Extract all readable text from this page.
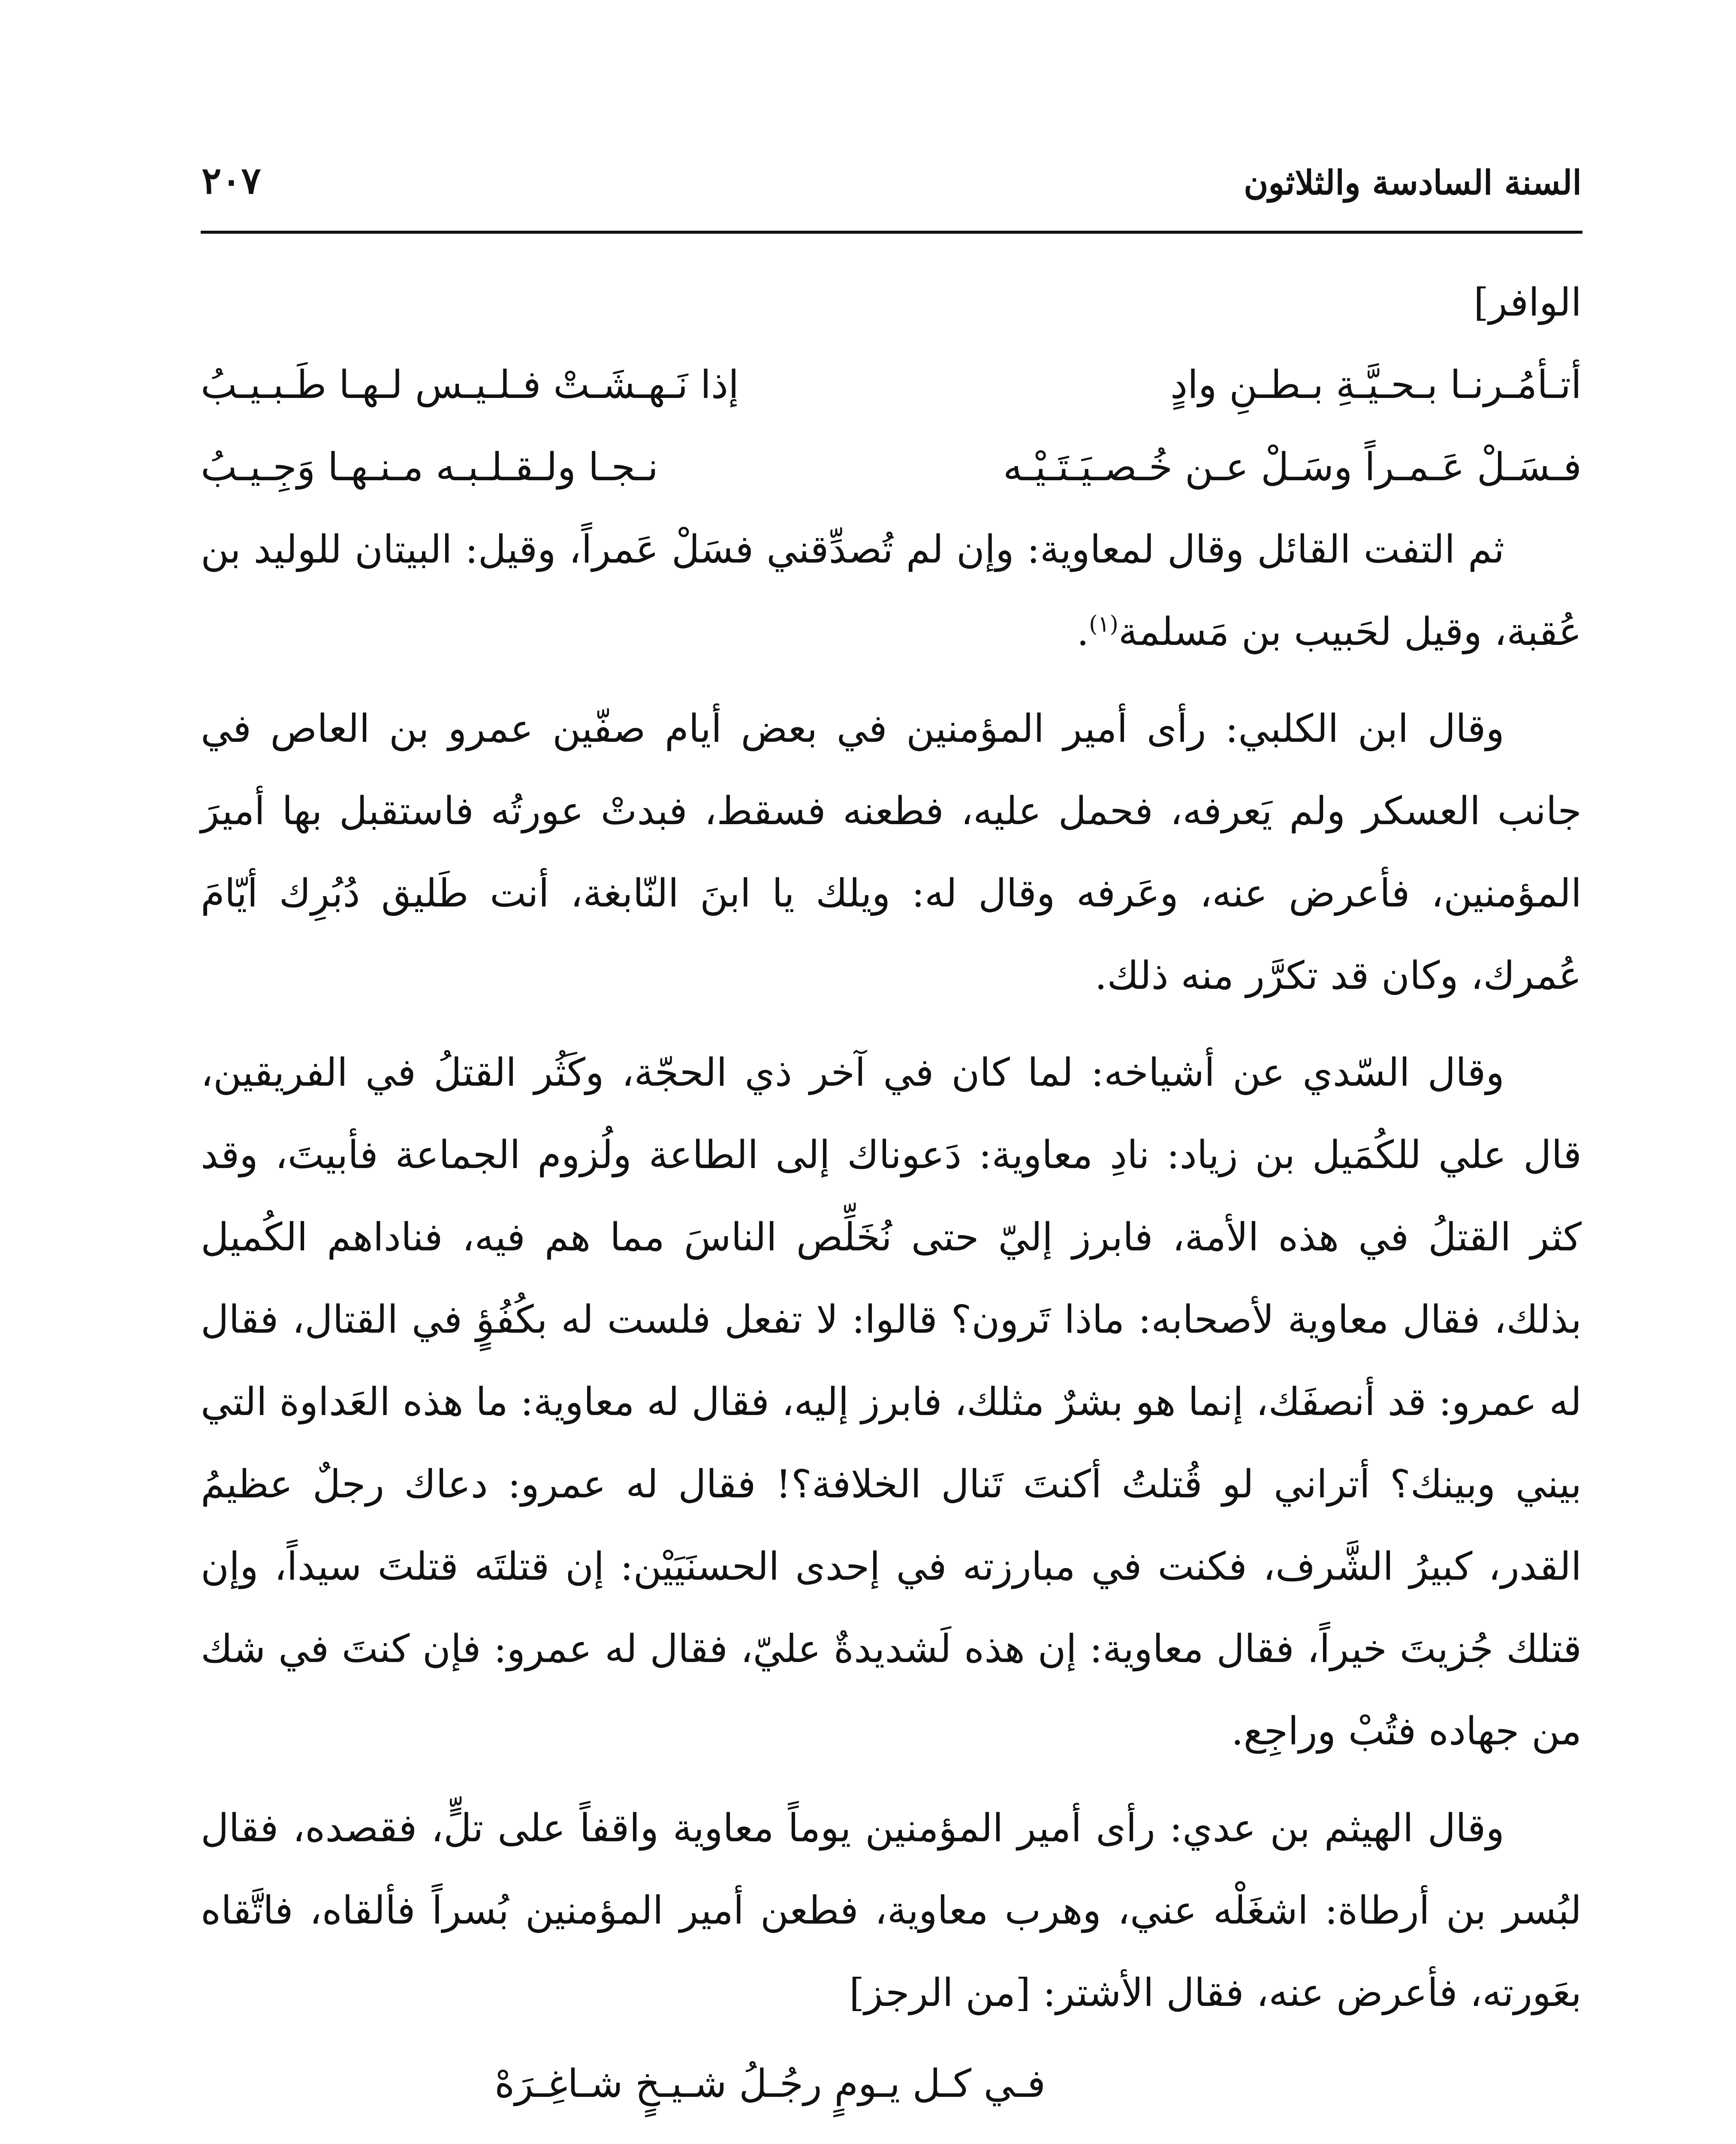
السنة السادسة والثلاثون
٢٠٧
الوافر]
أتـأمُـرنـا بـحـيَّـةِ بـطـنِ وادٍ
إذا نَـهـشَـتْ فـلـيـس لـهـا طَـبـيـبُ
فـسَـلْ عَـمـراً وسَـلْ عـن خُـصـيَـتَـيْـه
نـجـا ولـقـلـبـه مـنـهـا وَجِـيـبُ

ثم التفت القائل وقال لمعاوية: وإن لم تُصدِّقني فسَلْ عَمراً، وقيل: البيتان للوليد بن عُقبة، وقيل لحَبيب بن مَسلمة$^{(١)}$.

وقال ابن الكلبي: رأى أمير المؤمنين في بعض أيام صفّين عمرو بن العاص في جانب العسكر ولم يَعرفه، فحمل عليه، فطعنه فسقط، فبدتْ عورتُه فاستقبل بها أميرَ المؤمنين، فأعرض عنه، وعَرفه وقال له: ويلك يا ابنَ النّابغة، أنت طَليق دُبُرِك أيّامَ عُمرك، وكان قد تكرَّر منه ذلك.

وقال السّدي عن أشياخه: لما كان في آخر ذي الحجّة، وكَثُر القتلُ في الفريقين، قال علي للكُمَيل بن زياد: نادِ معاوية: دَعوناك إلى الطاعة ولُزوم الجماعة فأبيتَ، وقد كثر القتلُ في هذه الأمة، فابرز إليّ حتى نُخَلِّص الناسَ مما هم فيه، فناداهم الكُميل بذلك، فقال معاوية لأصحابه: ماذا تَرون؟ قالوا: لا تفعل فلست له بكُفُؤٍ في القتال، فقال له عمرو: قد أنصفَك، إنما هو بشرٌ مثلك، فابرز إليه، فقال له معاوية: ما هذه العَداوة التي بيني وبينك؟ أتراني لو قُتلتُ أكنتَ تَنال الخلافة؟! فقال له عمرو: دعاك رجلٌ عظيمُ القدر، كبيرُ الشَّرف، فكنت في مبارزته في إحدى الحسنَيَيْن: إن قتلتَه قتلتَ سيداً، وإن قتلك جُزيتَ خيراً، فقال معاوية: إن هذه لَشديدةٌ عليّ، فقال له عمرو: فإن كنتَ في شك من جهاده فتُبْ وراجِع.

وقال الهيثم بن عدي: رأى أمير المؤمنين يوماً معاوية واقفاً على تلٍّ، فقصده، فقال لبُسر بن أرطاة: اشغَلْه عني، وهرب معاوية، فطعن أمير المؤمنين بُسراً فألقاه، فاتَّقاه بعَورته، فأعرض عنه، فقال الأشتر: [من الرجز]

فـي كـل يـومٍ رجُـلُ شـيـخٍ شـاغِـرَهْ
